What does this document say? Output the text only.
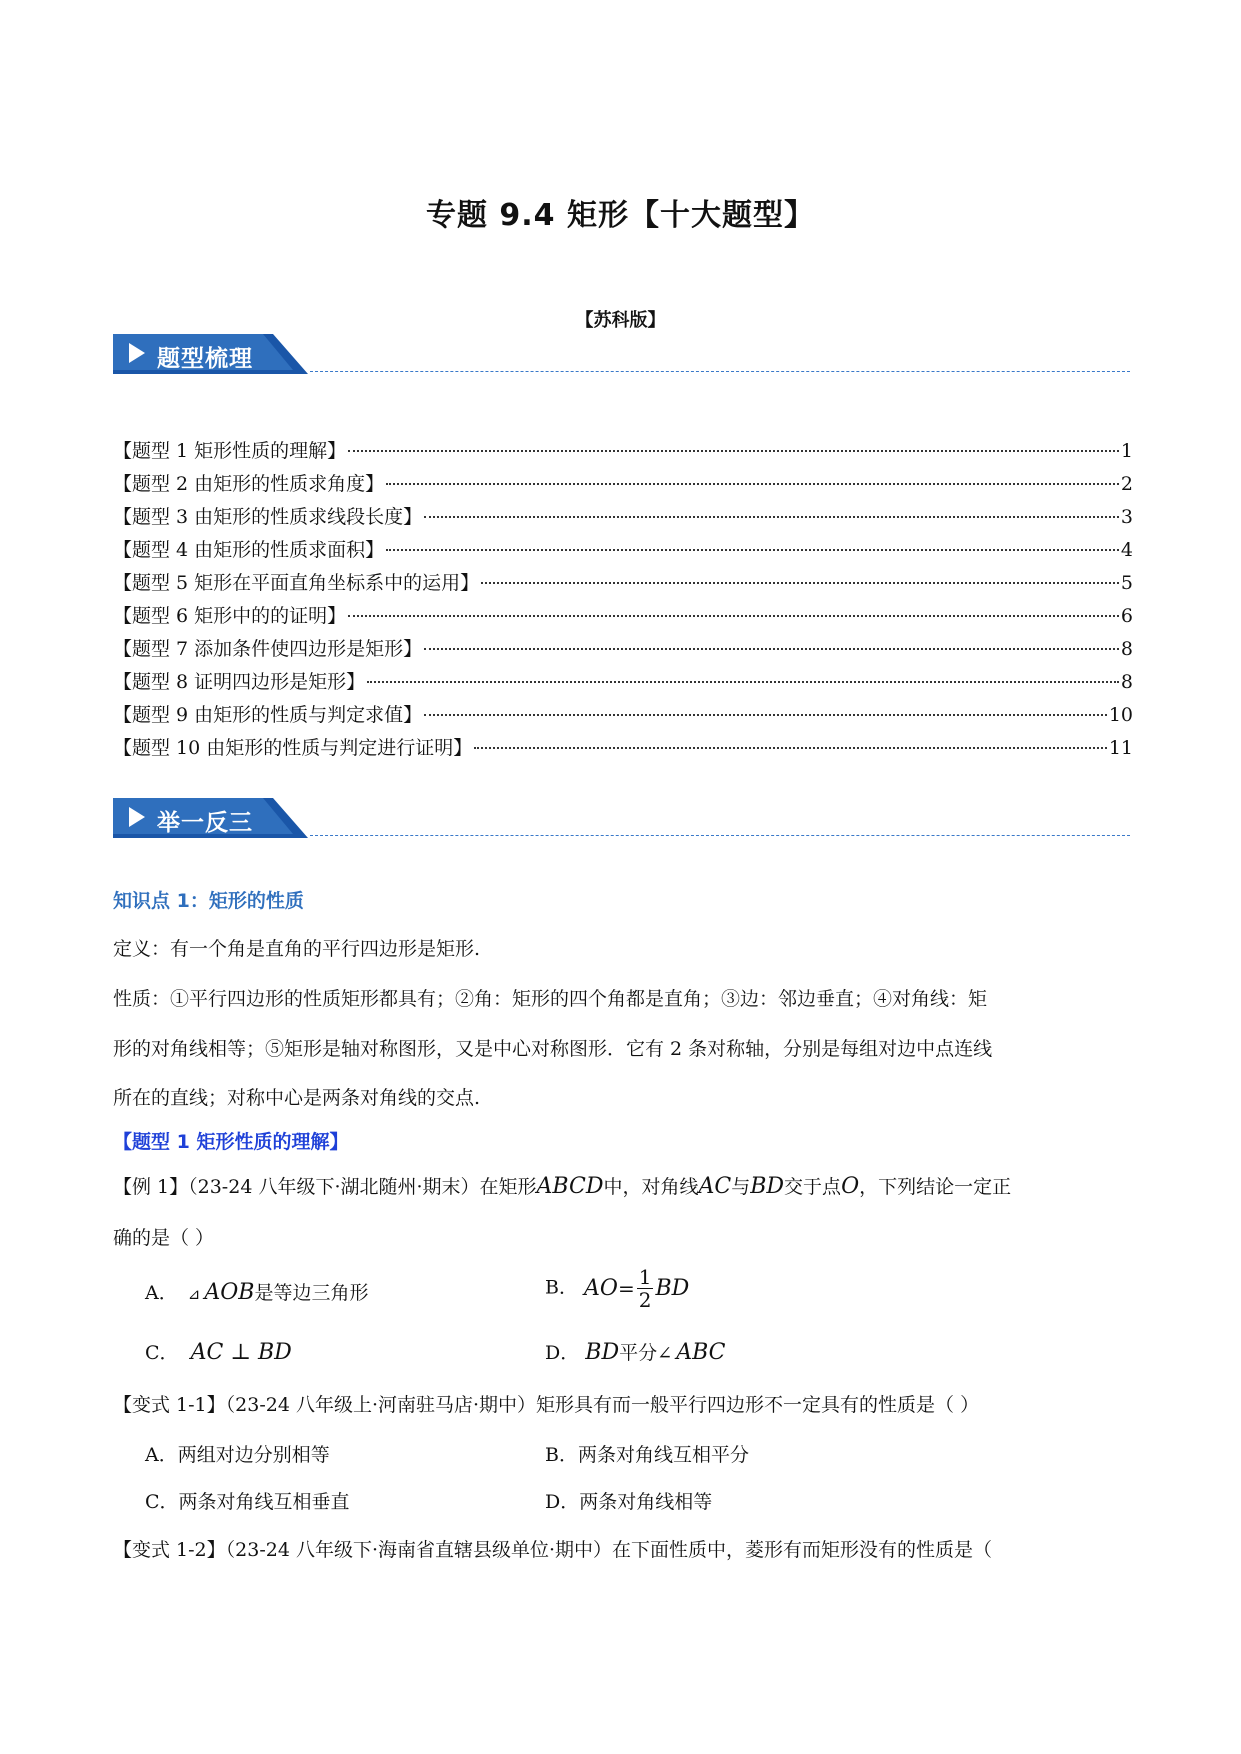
专题 9.4 矩形【十大题型】
【苏科版】
题型梳理
【题型 1 矩形性质的理解】	1
【题型 2 由矩形的性质求角度】	2
【题型 3 由矩形的性质求线段长度】	3
【题型 4 由矩形的性质求面积】	4
【题型 5 矩形在平面直角坐标系中的运用】	5
【题型 6 矩形中的的证明】	6
【题型 7 添加条件使四边形是矩形】	8
【题型 8 证明四边形是矩形】	8
【题型 9 由矩形的性质与判定求值】	10
【题型 10 由矩形的性质与判定进行证明】	11
举一反三
知识点 1：矩形的性质
定义：有一个角是直角的平行四边形是矩形.
性质：①平行四边形的性质矩形都具有；②角：矩形的四个角都是直角；③边：邻边垂直；④对角线：矩
形的对角线相等；⑤矩形是轴对称图形，又是中心对称图形．它有 2 条对称轴，分别是每组对边中点连线
所在的直线；对称中心是两条对角线的交点.
【题型 1 矩形性质的理解】
【例 1】（23-24 八年级下·湖北随州·期末）在矩形ABCD中，对角线AC与BD交于点O，下列结论一定正
确的是（ ）
A． ⊿ AOB是等边三角形	B． $AO= \frac{1}{2}$ BD
C． AC ⊥ BD	D． BD平分∠ ABC
【变式 1-1】（23-24 八年级上·河南驻马店·期中）矩形具有而一般平行四边形不一定具有的性质是（ ）
A．两组对边分别相等	B．两条对角线互相平分
C．两条对角线互相垂直	D．两条对角线相等
【变式 1-2】（23-24 八年级下·海南省直辖县级单位·期中）在下面性质中，菱形有而矩形没有的性质是（
